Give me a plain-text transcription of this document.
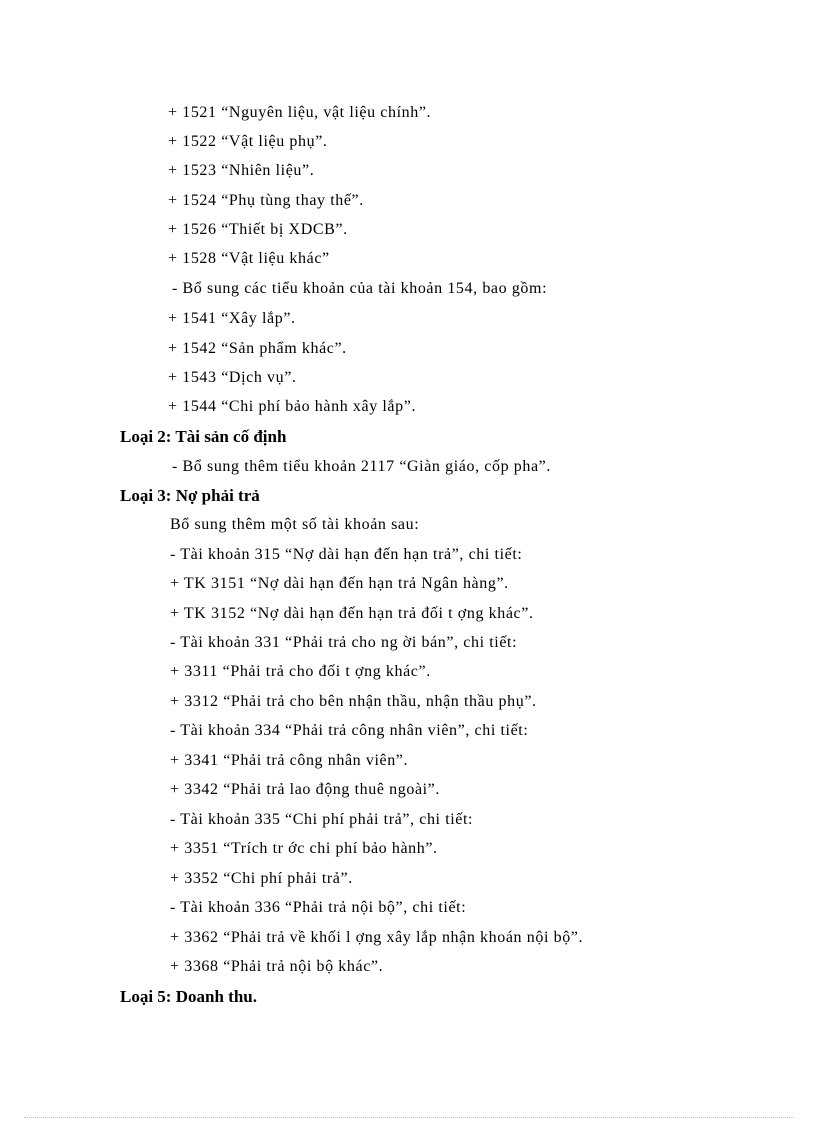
+ 1521 “Nguyên liệu, vật liệu chính”.
+ 1522 “Vật liệu phụ”.
+ 1523 “Nhiên liệu”.
+ 1524 “Phụ tùng thay thế”.
+ 1526 “Thiết bị XDCB”.
+ 1528 “Vật liệu khác”
- Bổ sung các tiểu khoản của tài khoản 154, bao gồm:
+ 1541 “Xây lắp”.
+ 1542 “Sản phẩm khác”.
+ 1543 “Dịch vụ”.
+ 1544 “Chi phí bảo hành xây lắp”.
Loại 2: Tài sản cố định
- Bổ sung thêm tiểu khoản 2117 “Giàn giáo, cốp pha”.
Loại 3: Nợ phải trả
Bổ sung thêm một số tài khoản sau:
- Tài khoản 315 “Nợ dài hạn đến hạn trả”, chi tiết:
+ TK 3151 “Nợ dài hạn đến hạn trả Ngân hàng”.
+ TK 3152 “Nợ dài hạn đến hạn trả đối t ợng khác”.
- Tài khoản 331 “Phải trả cho ng ời bán”, chi tiết:
+ 3311 “Phải trả cho đối t ợng khác”.
+ 3312 “Phải trả cho bên nhận thầu, nhận thầu phụ”.
- Tài khoản 334 “Phải trả công nhân viên”, chi tiết:
+ 3341 “Phải trả công nhân viên”.
+ 3342 “Phải trả lao động thuê ngoài”.
- Tài khoản 335 “Chi phí phải trả”, chi tiết:
+ 3351 “Trích tr ớc chi phí bảo hành”.
+ 3352 “Chi phí phải trả”.
- Tài khoản 336 “Phải trả nội bộ”, chi tiết:
+ 3362 “Phải trả về khối l ợng xây lắp nhận khoán nội bộ”.
+ 3368 “Phải trả nội bộ khác”.
Loại 5: Doanh thu.
